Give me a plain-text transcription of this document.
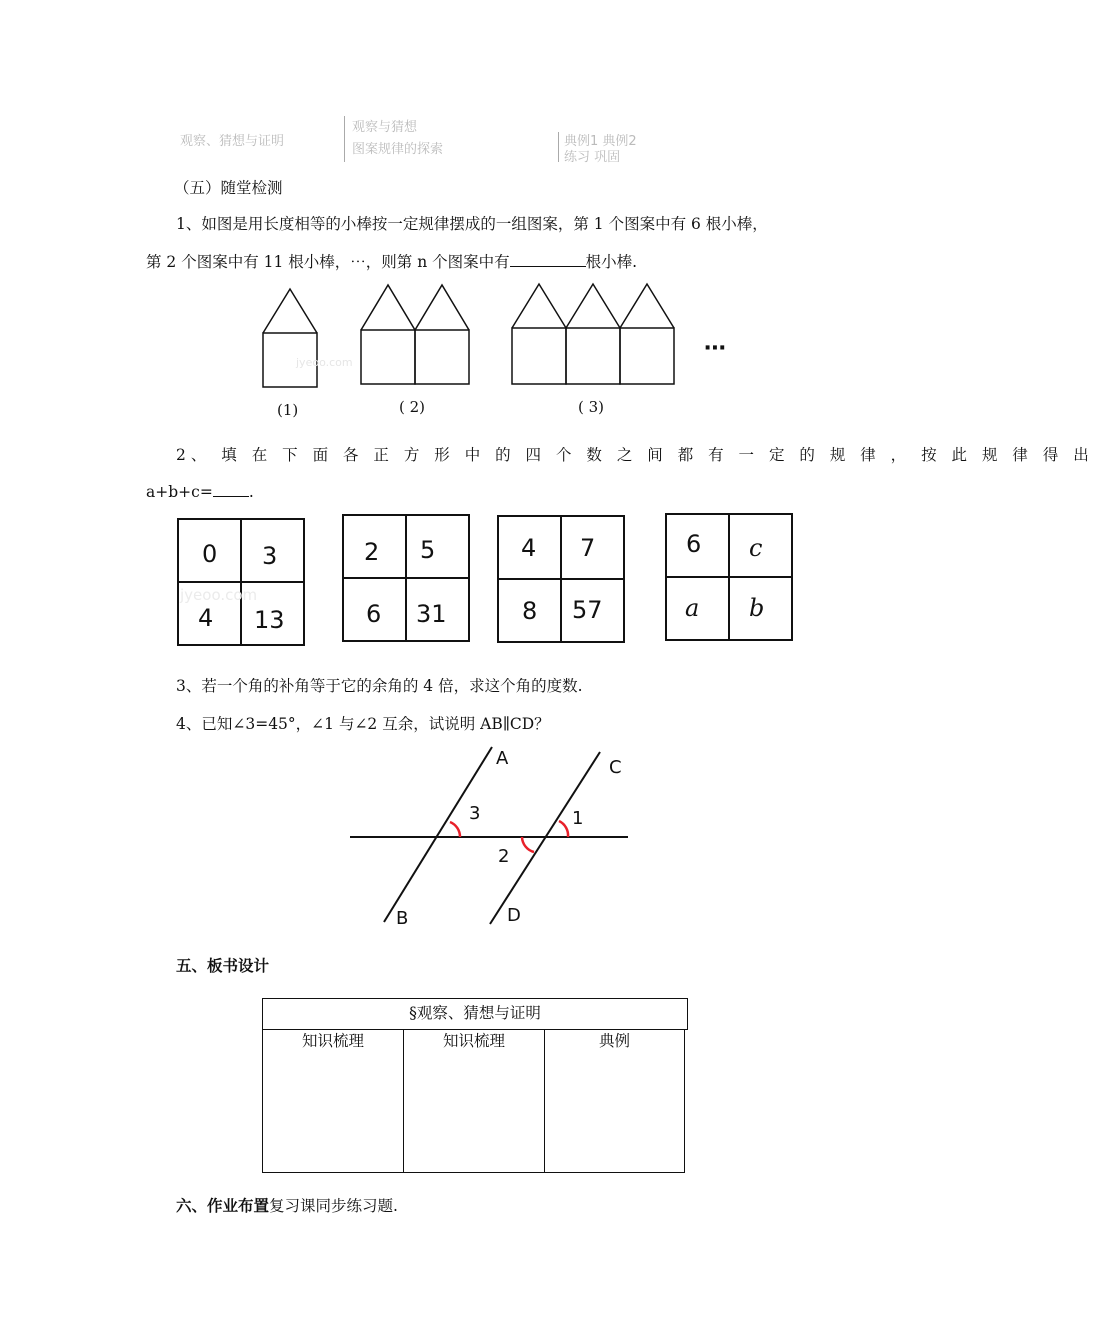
观察、猜想与证明
观察与猜想
图案规律的探索
典例1 典例2
练习 巩固
（五）随堂检测
1、如图是用长度相等的小棒按一定规律摆成的一组图案，第 1 个图案中有 6 根小棒，
第 2 个图案中有 11 根小棒，⋯，则第 n 个图案中有	根小棒.
jyeoo.com
⋯
(1)	( 2)	( 3)
2、 填 在 下 面 各 正 方 形 中 的 四 个 数 之 间 都 有 一 定 的 规 律 ， 按 此 规 律 得 出
a+b+c= .
jyeoo.com
0 3
4 13
2 5
6 31
4 7
8 57
6 c
a b
3、若一个角的补角等于它的余角的 4 倍，求这个角的度数.
4、已知∠3=45°，∠1 与∠2 互余，试说明 AB∥CD？
A
B
C
D
3	1
2
五、板书设计
§观察、猜想与证明
知识梳理	知识梳理	典例
六、作业布置复习课同步练习题.
